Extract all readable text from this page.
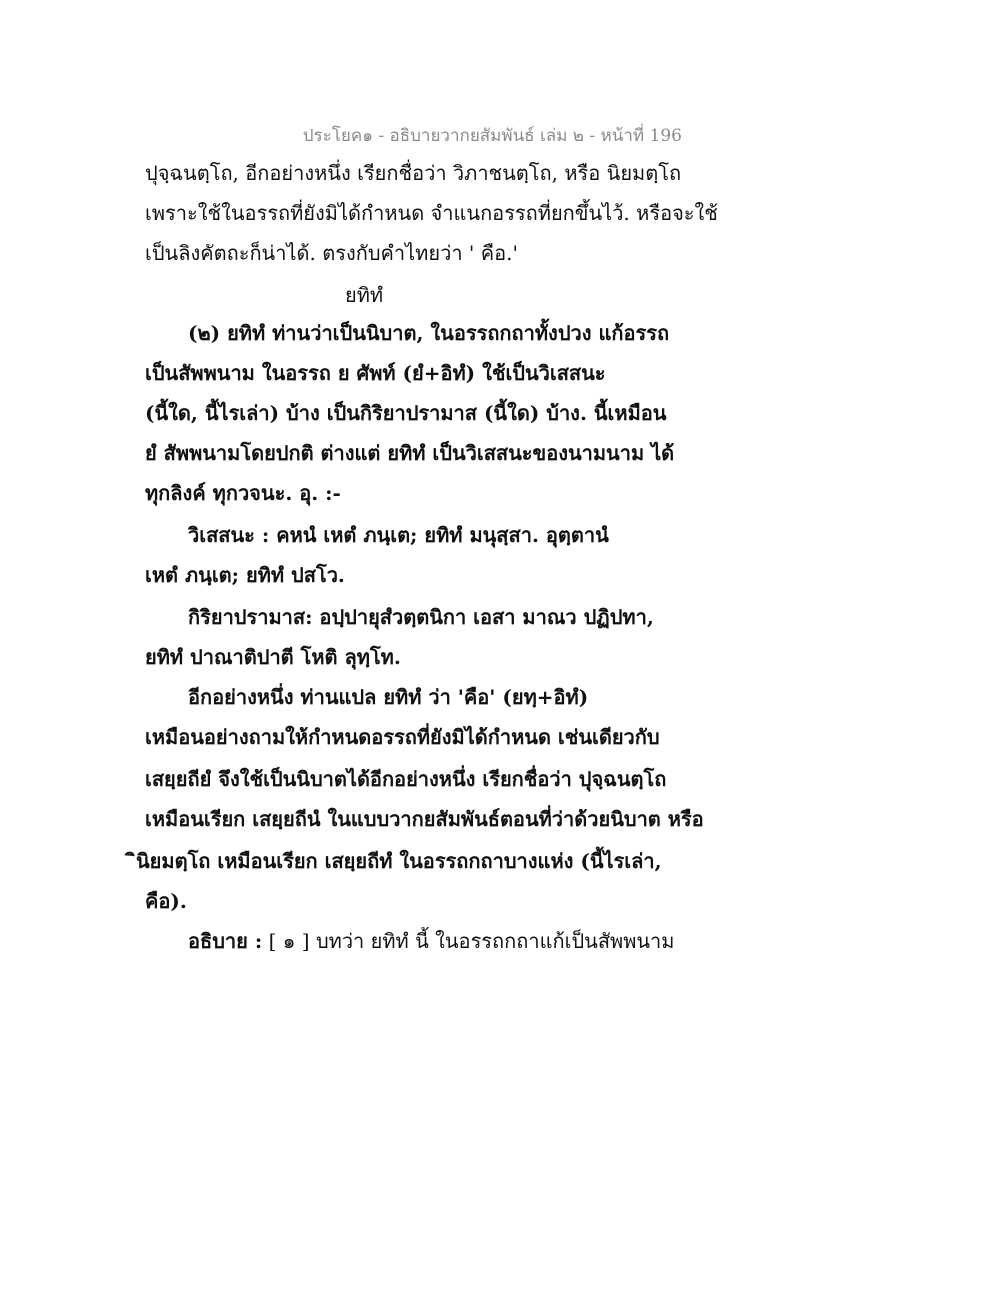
ประโยค๑ - อธิบายวากยสัมพันธ์ เล่ม ๒ - หน้าที่ 196
ปุจฺฉนตฺโถ, อีกอย่างหนึ่ง เรียกชื่อว่า วิภาชนตฺโถ, หรือ นิยมตฺโถ
เพราะใช้ในอรรถที่ยังมิได้กำหนด จำแนกอรรถที่ยกขึ้นไว้. หรือจะใช้
เป็นลิงคัตถะก็น่าได้. ตรงกับคำไทยว่า ' คือ.'
ยทิทํ
(๒) ยทิทํ ท่านว่าเป็นนิบาต, ในอรรถกถาทั้งปวง แก้อรรถ
เป็นสัพพนาม ในอรรถ ย ศัพท์ (ยํ+อิทํ) ใช้เป็นวิเสสนะ
(นี้ใด, นี้ไรเล่า) บ้าง เป็นกิริยาปรามาส (นี้ใด) บ้าง. นี้เหมือน
ยํ สัพพนามโดยปกติ ต่างแต่ ยทิทํ เป็นวิเสสนะของนามนาม ได้
ทุกลิงค์ ทุกวจนะ. อุ. :-
วิเสสนะ : คหนํ เหตํ ภนฺเต; ยทิทํ มนุสฺสา. อุตฺตานํ
เหตํ ภนฺเต; ยทิทํ ปสโว.
กิริยาปรามาส: อปฺปายุสํวตฺตนิกา เอสา มาณว ปฏิปทา,
ยทิทํ ปาณาติปาตี โหติ ลุทฺโท.
อีกอย่างหนึ่ง ท่านแปล ยทิทํ ว่า 'คือ' (ยทฺ+อิทํ)
เหมือนอย่างถามให้กำหนดอรรถที่ยังมิได้กำหนด เช่นเดียวกับ
เสยฺยถียํ จึงใช้เป็นนิบาตได้อีกอย่างหนึ่ง เรียกชื่อว่า ปุจฺฉนตฺโถ
เหมือนเรียก เสยฺยถีนํ ในแบบวากยสัมพันธ์ตอนที่ว่าด้วยนิบาต หรือ
ินิยมตฺโถ เหมือนเรียก เสยฺยถีทํ ในอรรถกถาบางแห่ง (นี้ไรเล่า,
คือ).
อธิบาย : [ ๑ ] บทว่า ยทิทํ นี้ ในอรรถกถาแก้เป็นสัพพนาม
